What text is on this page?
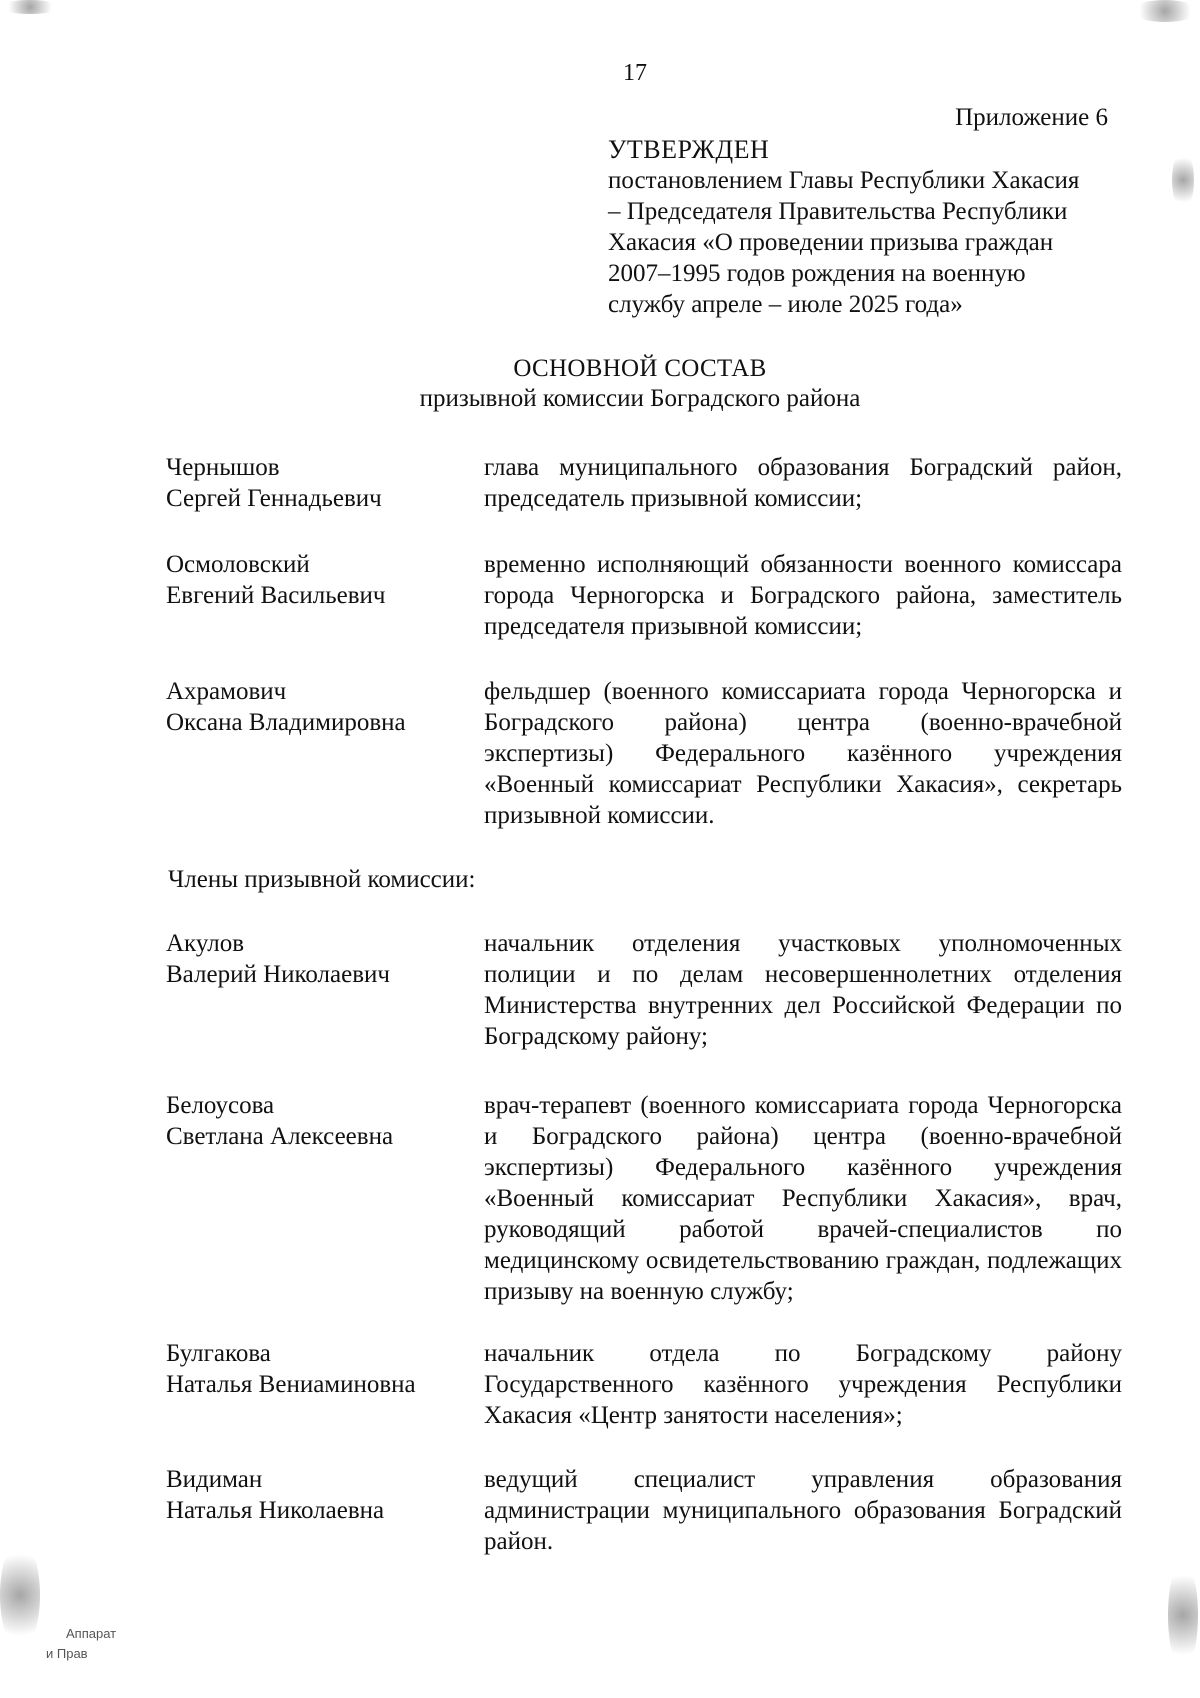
17
Приложение 6
УТВЕРЖДЕН
постановлением Главы Республики Хакасия
– Председателя Правительства Республики
Хакасия «О проведении призыва граждан
2007–1995 годов рождения на военную
службу апреле – июле 2025 года»
ОСНОВНОЙ СОСТАВ
призывной комиссии Боградского района
Чернышов
Сергей Геннадьевич
глава муниципального образования Боградский район, председатель призывной комиссии;
Осмоловский
Евгений Васильевич
временно исполняющий обязанности военного комиссара города Черногорска и Боградского района, заместитель председателя призывной комиссии;
Ахрамович
Оксана Владимировна
фельдшер (военного комиссариата города Черногорска и Боградского района) центра (военно-врачебной экспертизы) Федерального казённого учреждения «Военный комиссариат Республики Хакасия», секретарь призывной комиссии.
Члены призывной комиссии:
Акулов
Валерий Николаевич
начальник отделения участковых уполномоченных полиции и по делам несовершеннолетних отделения Министерства внутренних дел Российской Федерации по Боградскому району;
Белоусова
Светлана Алексеевна
врач-терапевт (военного комиссариата города Черногорска и Боградского района) центра (военно-врачебной экспертизы) Федерального казённого учреждения «Военный комиссариат Республики Хакасия», врач, руководящий работой врачей-специалистов по медицинскому освидетельствованию граждан, подлежащих призыву на военную службу;
Булгакова
Наталья Вениаминовна
начальник отдела по Боградскому району Государственного казённого учреждения Республики Хакасия «Центр занятости населения»;
Видиман
Наталья Николаевна
ведущий специалист управления образования администрации муниципального образования Боградский район.
Аппарат
и Прав
